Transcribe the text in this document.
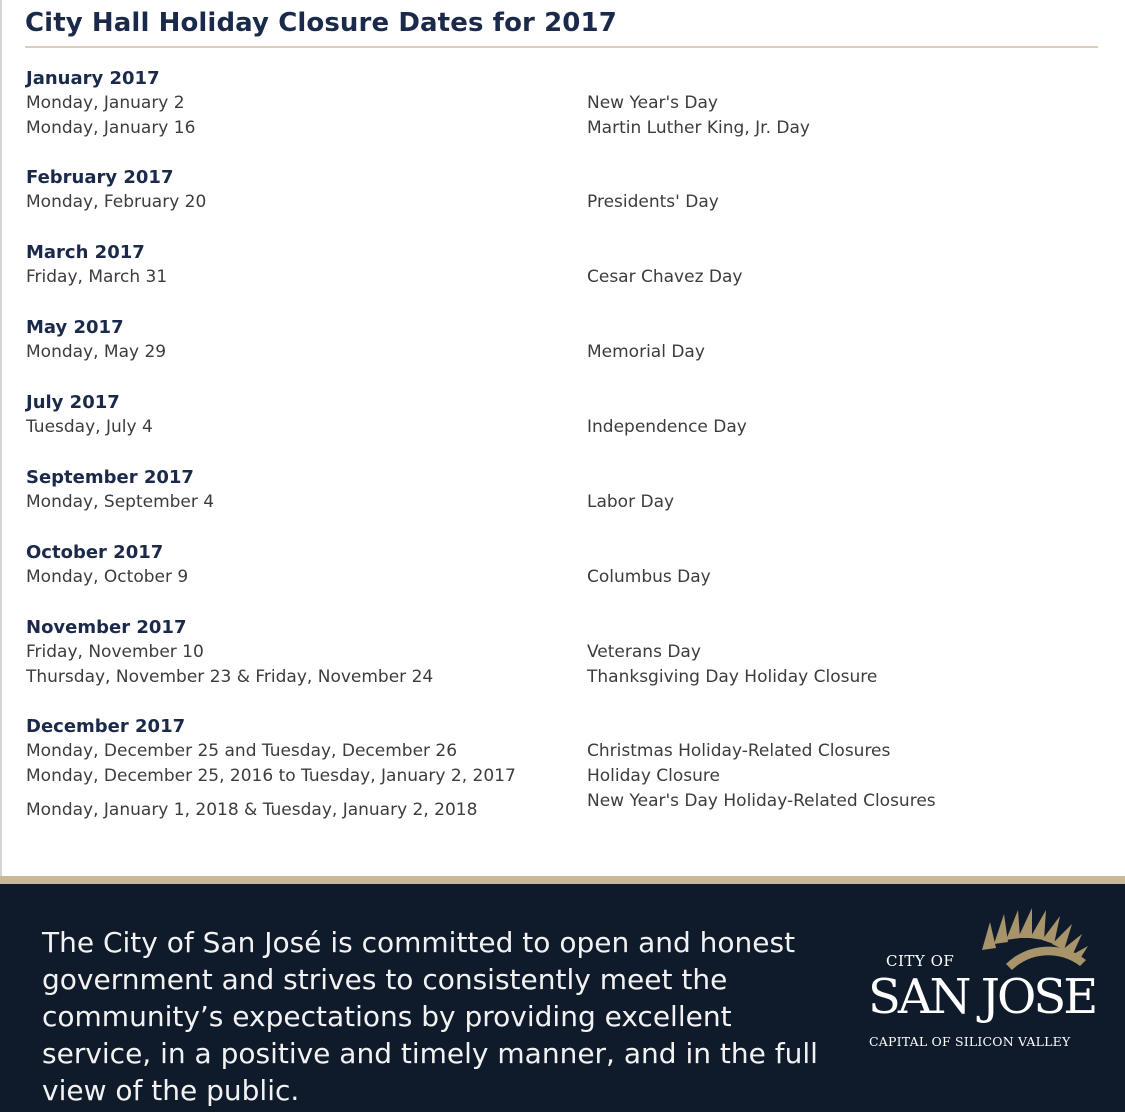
City Hall Holiday Closure Dates for 2017
January 2017
Monday, January 2	New Year's Day
Monday, January 16	Martin Luther King, Jr. Day
February 2017
Monday, February 20	Presidents' Day
March 2017
Friday, March 31	Cesar Chavez Day
May 2017
Monday, May 29	Memorial Day
July 2017
Tuesday, July 4	Independence Day
September 2017
Monday, September 4	Labor Day
October 2017
Monday, October 9	Columbus Day
November 2017
Friday, November 10	Veterans Day
Thursday, November 23 & Friday, November 24	Thanksgiving Day Holiday Closure
December 2017
Monday, December 25 and Tuesday, December 26	Christmas Holiday-Related Closures
Monday, December 25, 2016 to Tuesday, January 2, 2017	Holiday Closure
Monday, January 1, 2018 & Tuesday, January 2, 2018	New Year's Day Holiday-Related Closures

The City of San José is committed to open and honest government and strives to consistently meet the community’s expectations by providing excellent service, in a positive and timely manner, and in the full view of the public.

CITY OF
SAN JOSE
CAPITAL OF SILICON VALLEY
